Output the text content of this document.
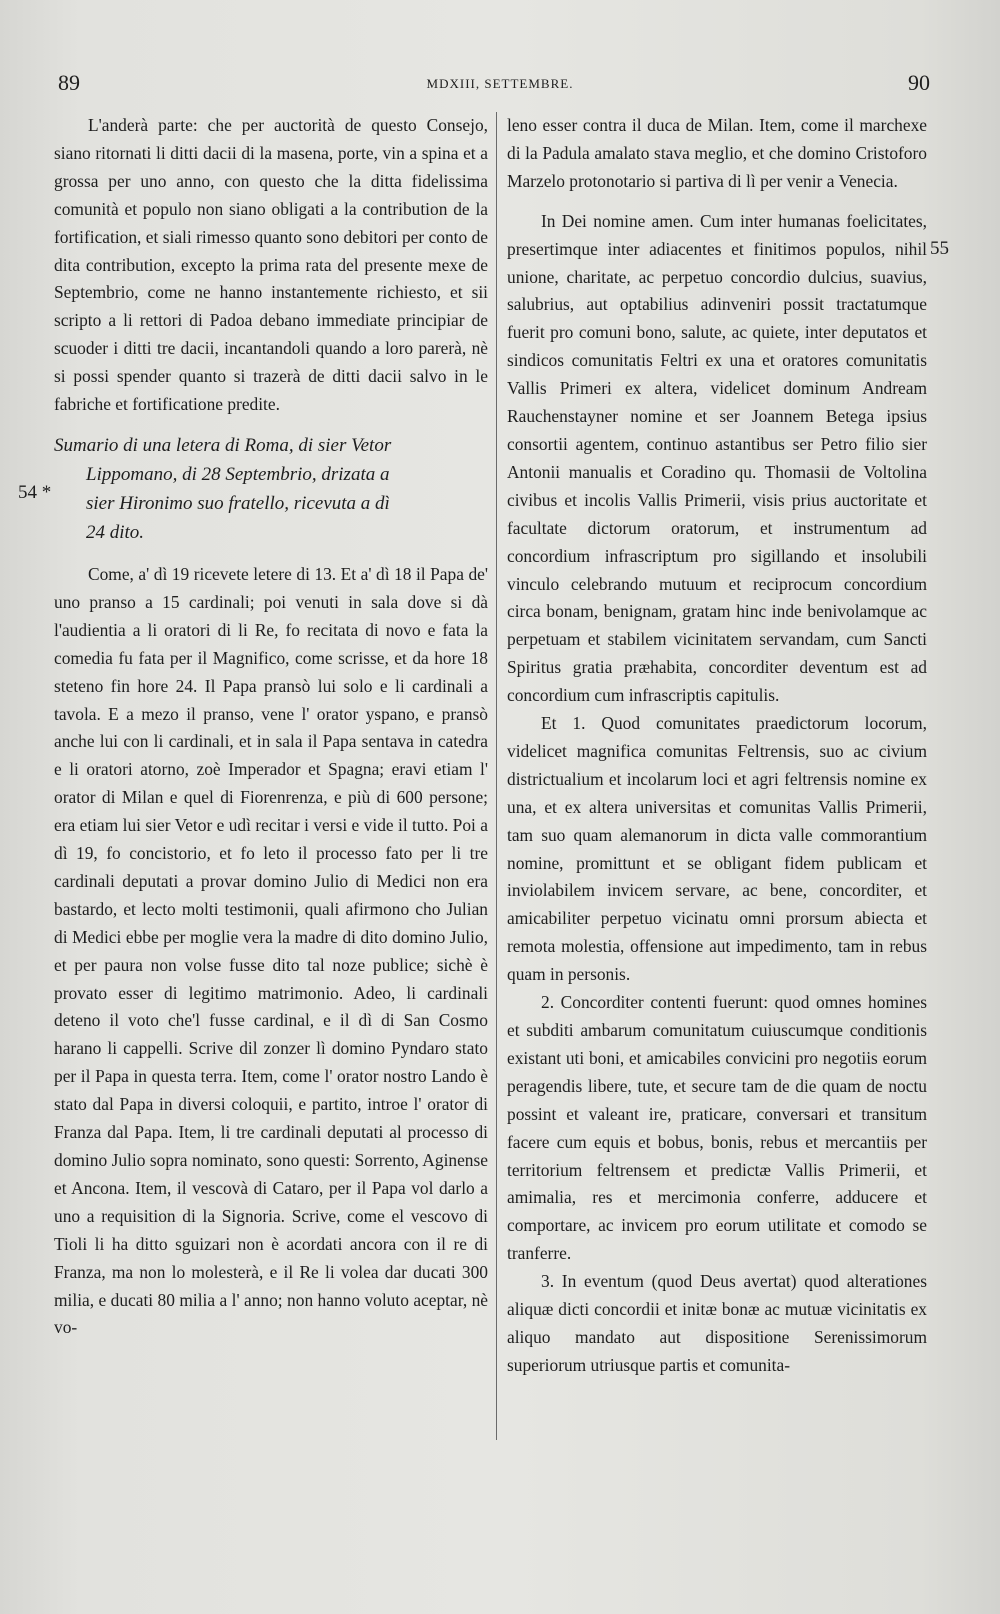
89	MDXIII, SETTEMBRE.	90
54 *
55

L'anderà parte: che per auctorità de questo Consejo, siano ritornati li ditti dacii di la masena, porte, vin a spina et a grossa per uno anno, con questo che la ditta fidelissima comunità et populo non siano obligati a la contribution de la fortification, et siali rimesso quanto sono debitori per conto de dita contribution, excepto la prima rata del presente mexe de Septembrio, come ne hanno instantemente richiesto, et sii scripto a li rettori di Padoa debano immediate principiar de scuoder i ditti tre dacii, incantandoli quando a loro parerà, nè si possi spender quanto si trazerà de ditti dacii salvo in le fabriche et fortificatione predite.

Sumario di una letera di Roma, di sier Vetor
Lippomano, di 28 Septembrio, drizata a
sier Hironimo suo fratello, ricevuta a dì
24 dito.

Come, a' dì 19 ricevete letere di 13. Et a' dì 18 il Papa de' uno pranso a 15 cardinali; poi venuti in sala dove si dà l'audientia a li oratori di li Re, fo recitata di novo e fata la comedia fu fata per il Magnifico, come scrisse, et da hore 18 steteno fin hore 24. Il Papa pransò lui solo e li cardinali a tavola. E a mezo il pranso, vene l' orator yspano, e pransò anche lui con li cardinali, et in sala il Papa sentava in catedra e li oratori atorno, zoè Imperador et Spagna; eravi etiam l' orator di Milan e quel di Fiorenrenza, e più di 600 persone; era etiam lui sier Vetor e udì recitar i versi e vide il tutto. Poi a dì 19, fo concistorio, et fo leto il processo fato per li tre cardinali deputati a provar domino Julio di Medici non era bastardo, et lecto molti testimonii, quali afirmono cho Julian di Medici ebbe per moglie vera la madre di dito domino Julio, et per paura non volse fusse dito tal noze publice; sichè è provato esser di legitimo matrimonio. Adeo, li cardinali deteno il voto che'l fusse cardinal, e il dì di San Cosmo harano li cappelli. Scrive dil zonzer lì domino Pyndaro stato per il Papa in questa terra. Item, come l' orator nostro Lando è stato dal Papa in diversi coloquii, e partito, introe l' orator di Franza dal Papa. Item, li tre cardinali deputati al processo di domino Julio sopra nominato, sono questi: Sorrento, Aginense et Ancona. Item, il vescovà di Cataro, per il Papa vol darlo a uno a requisition di la Signoria. Scrive, come el vescovo di Tioli li ha ditto sguizari non è acordati ancora con il re di Franza, ma non lo molesterà, e il Re li volea dar ducati 300 milia, e ducati 80 milia a l' anno; non hanno voluto aceptar, nè vo-

leno esser contra il duca de Milan. Item, come il marchexe di la Padula amalato stava meglio, et che domino Cristoforo Marzelo protonotario si partiva di lì per venir a Venecia.

In Dei nomine amen. Cum inter humanas foelicitates, presertimque inter adiacentes et finitimos populos, nihil unione, charitate, ac perpetuo concordio dulcius, suavius, salubrius, aut optabilius adinveniri possit tractatumque fuerit pro comuni bono, salute, ac quiete, inter deputatos et sindicos comunitatis Feltri ex una et oratores comunitatis Vallis Primeri ex altera, videlicet dominum Andream Rauchenstayner nomine et ser Joannem Betega ipsius consortii agentem, continuo astantibus ser Petro filio sier Antonii manualis et Coradino qu. Thomasii de Voltolina civibus et incolis Vallis Primerii, visis prius auctoritate et facultate dictorum oratorum, et instrumentum ad concordium infrascriptum pro sigillando et insolubili vinculo celebrando mutuum et reciprocum concordium circa bonam, benignam, gratam hinc inde benivolamque ac perpetuam et stabilem vicinitatem servandam, cum Sancti Spiritus gratia præhabita, concorditer deventum est ad concordium cum infrascriptis capitulis.

Et 1. Quod comunitates praedictorum locorum, videlicet magnifica comunitas Feltrensis, suo ac civium districtualium et incolarum loci et agri feltrensis nomine ex una, et ex altera universitas et comunitas Vallis Primerii, tam suo quam alemanorum in dicta valle commorantium nomine, promittunt et se obligant fidem publicam et inviolabilem invicem servare, ac bene, concorditer, et amicabiliter perpetuo vicinatu omni prorsum abiecta et remota molestia, offensione aut impedimento, tam in rebus quam in personis.

2. Concorditer contenti fuerunt: quod omnes homines et subditi ambarum comunitatum cuiuscumque conditionis existant uti boni, et amicabiles convicini pro negotiis eorum peragendis libere, tute, et secure tam de die quam de noctu possint et valeant ire, praticare, conversari et transitum facere cum equis et bobus, bonis, rebus et mercantiis per territorium feltrensem et predictæ Vallis Primerii, et amimalia, res et mercimonia conferre, adducere et comportare, ac invicem pro eorum utilitate et comodo se tranferre.

3. In eventum (quod Deus avertat) quod alterationes aliquæ dicti concordii et initæ bonæ ac mutuæ vicinitatis ex aliquo mandato aut dispositione Serenissimorum superiorum utriusque partis et comunita-
